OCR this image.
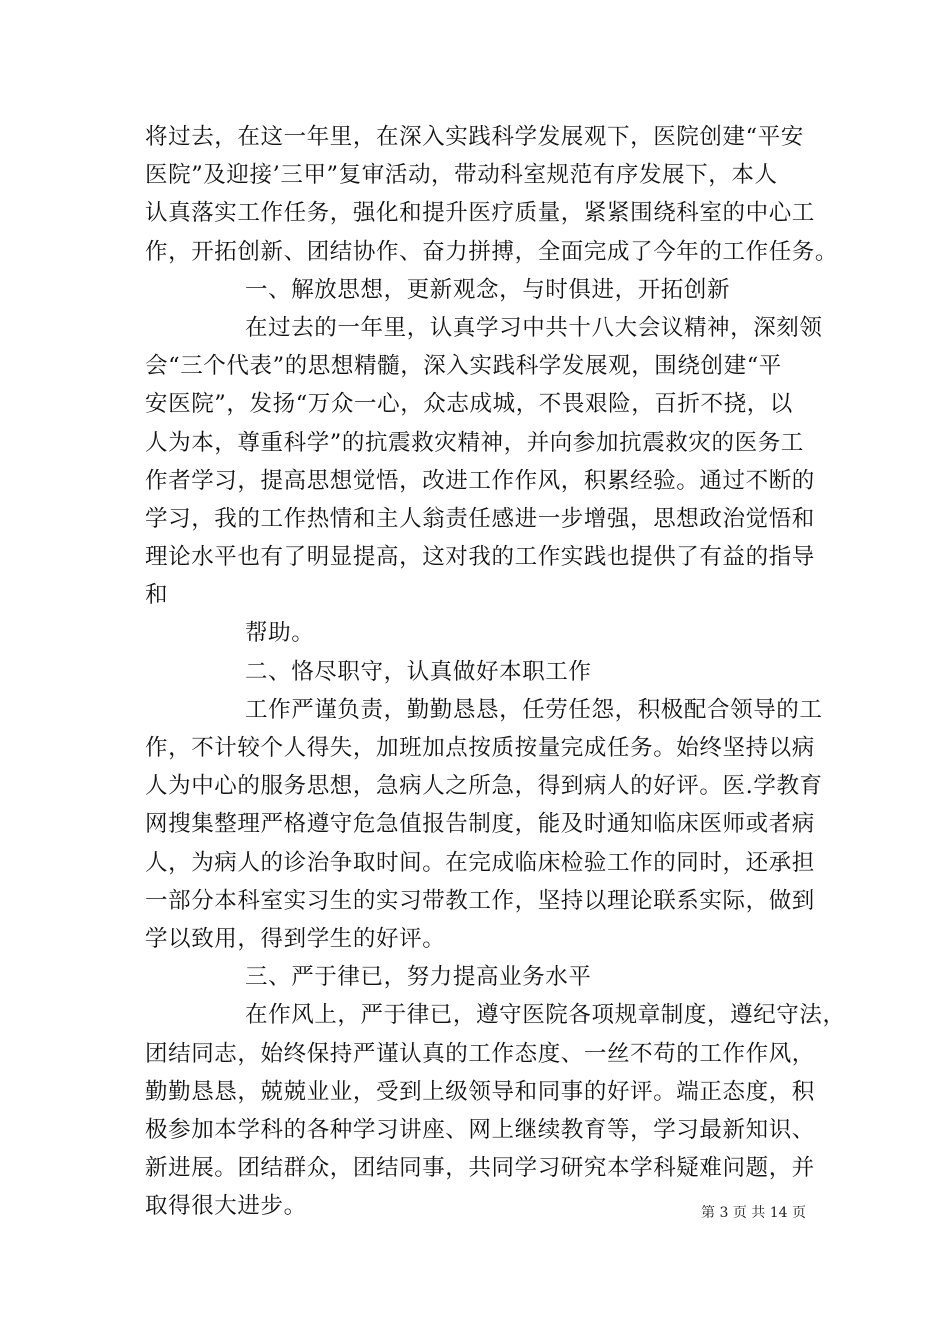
将过去，在这一年里，在深入实践科学发展观下，医院创建“平安
医院”及迎接’三甲”复审活动，带动科室规范有序发展下，本人
认真落实工作任务，强化和提升医疗质量，紧紧围绕科室的中心工
作，开拓创新、团结协作、奋力拼搏，全面完成了今年的工作任务。
一、解放思想，更新观念，与时俱进，开拓创新
在过去的一年里，认真学习中共十八大会议精神，深刻领
会“三个代表”的思想精髓，深入实践科学发展观，围绕创建“平
安医院”，发扬“万众一心，众志成城，不畏艰险，百折不挠，以
人为本，尊重科学”的抗震救灾精神，并向参加抗震救灾的医务工
作者学习，提高思想觉悟，改进工作作风，积累经验。通过不断的
学习，我的工作热情和主人翁责任感进一步增强，思想政治觉悟和
理论水平也有了明显提高，这对我的工作实践也提供了有益的指导
和
帮助。
二、恪尽职守，认真做好本职工作
工作严谨负责，勤勤恳恳，任劳任怨，积极配合领导的工
作，不计较个人得失，加班加点按质按量完成任务。始终坚持以病
人为中心的服务思想，急病人之所急，得到病人的好评。医.学教育
网搜集整理严格遵守危急值报告制度，能及时通知临床医师或者病
人，为病人的诊治争取时间。在完成临床检验工作的同时，还承担
一部分本科室实习生的实习带教工作，坚持以理论联系实际，做到
学以致用，得到学生的好评。
三、严于律已，努力提高业务水平
在作风上，严于律已，遵守医院各项规章制度，遵纪守法，
团结同志，始终保持严谨认真的工作态度、一丝不苟的工作作风，
勤勤恳恳，兢兢业业，受到上级领导和同事的好评。端正态度，积
极参加本学科的各种学习讲座、网上继续教育等，学习最新知识、
新进展。团结群众，团结同事，共同学习研究本学科疑难问题，并
取得很大进步。	第 3 页 共 14 页
